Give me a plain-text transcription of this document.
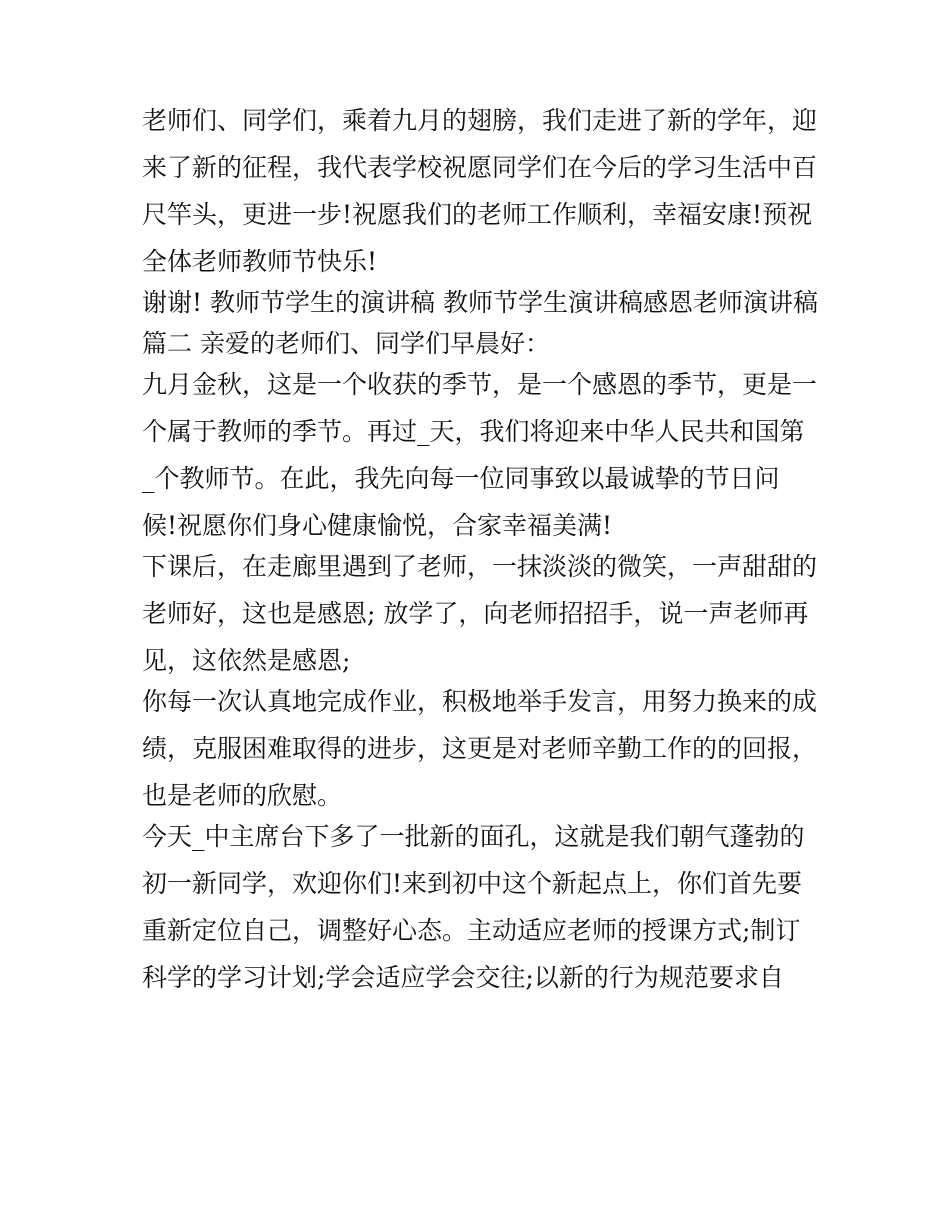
老师们、同学们，乘着九月的翅膀，我们走进了新的学年，迎
来了新的征程，我代表学校祝愿同学们在今后的学习生活中百
尺竿头，更进一步!祝愿我们的老师工作顺利，幸福安康!预祝
全体老师教师节快乐!
谢谢! 教师节学生的演讲稿 教师节学生演讲稿感恩老师演讲稿
篇二 亲爱的老师们、同学们早晨好：
九月金秋，这是一个收获的季节，是一个感恩的季节，更是一
个属于教师的季节。再过_天，我们将迎来中华人民共和国第
_个教师节。在此，我先向每一位同事致以最诚挚的节日问
候!祝愿你们身心健康愉悦，合家幸福美满!
下课后，在走廊里遇到了老师，一抹淡淡的微笑，一声甜甜的
老师好，这也是感恩; 放学了，向老师招招手，说一声老师再
见，这依然是感恩;
你每一次认真地完成作业，积极地举手发言，用努力换来的成
绩，克服困难取得的进步，这更是对老师辛勤工作的的回报，
也是老师的欣慰。
今天_中主席台下多了一批新的面孔，这就是我们朝气蓬勃的
初一新同学，欢迎你们!来到初中这个新起点上，你们首先要
重新定位自己，调整好心态。主动适应老师的授课方式;制订
科学的学习计划;学会适应学会交往;以新的行为规范要求自
